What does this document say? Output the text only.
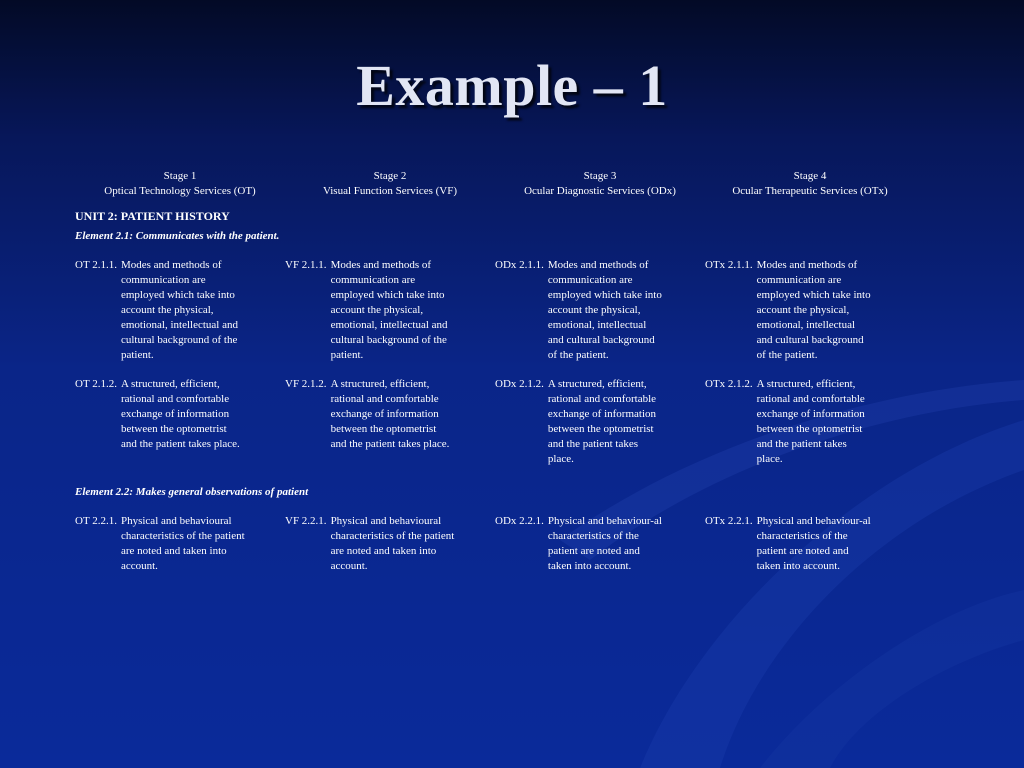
Example – 1
Stage 1
Optical Technology Services (OT)
Stage 2
Visual Function Services (VF)
Stage 3
Ocular Diagnostic Services (ODx)
Stage 4
Ocular Therapeutic Services (OTx)
UNIT 2: PATIENT HISTORY
Element 2.1: Communicates with the patient.
OT 2.1.1. Modes and methods of
communication are
employed which take into
account the physical,
emotional, intellectual and
cultural background of the
patient.
VF 2.1.1. Modes and methods of
communication are
employed which take into
account the physical,
emotional, intellectual and
cultural background of the
patient.
ODx 2.1.1. Modes and methods of
communication are
employed which take into
account the physical,
emotional, intellectual
and cultural background
of the patient.
OTx 2.1.1. Modes and methods of
communication are
employed which take into
account the physical,
emotional, intellectual
and cultural background
of the patient.
OT 2.1.2. A structured, efficient,
rational and comfortable
exchange of information
between the optometrist
and the patient takes place.
VF 2.1.2. A structured, efficient,
rational and comfortable
exchange of information
between the optometrist
and the patient takes place.
ODx 2.1.2. A structured, efficient,
rational and comfortable
exchange of information
between the optometrist
and the patient takes
place.
OTx 2.1.2. A structured, efficient,
rational and comfortable
exchange of information
between the optometrist
and the patient takes
place.
Element 2.2: Makes general observations of patient
OT 2.2.1. Physical and behavioural
characteristics of the patient
are noted and taken into
account.
VF 2.2.1. Physical and behavioural
characteristics of the patient
are noted and taken into
account.
ODx 2.2.1. Physical and behaviour-al
characteristics of the
patient are noted and
taken into account.
OTx 2.2.1. Physical and behaviour-al
characteristics of the
patient are noted and
taken into account.
